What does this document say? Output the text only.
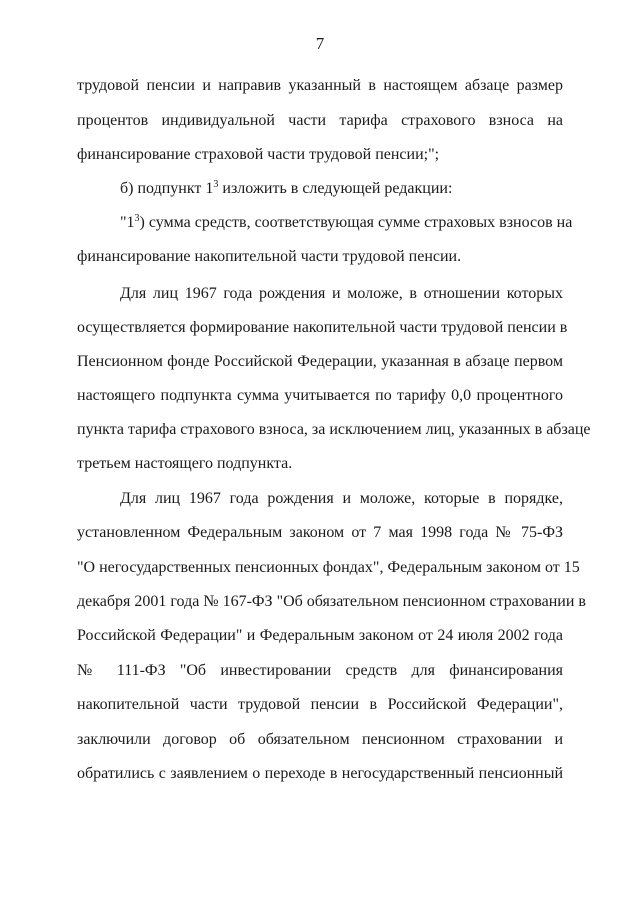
7
трудовой пенсии и направив указанный в настоящем абзаце размер
процентов индивидуальной части тарифа страхового взноса на
финансирование страховой части трудовой пенсии;";
б) подпункт $1^3$ изложить в следующей редакции:
"$1^3$) сумма средств, соответствующая сумме страховых взносов на
финансирование накопительной части трудовой пенсии.
Для лиц 1967 года рождения и моложе, в отношении которых
осуществляется формирование накопительной части трудовой пенсии в
Пенсионном фонде Российской Федерации, указанная в абзаце первом
настоящего подпункта сумма учитывается по тарифу 0,0 процентного
пункта тарифа страхового взноса, за исключением лиц, указанных в абзаце
третьем настоящего подпункта.
Для лиц 1967 года рождения и моложе, которые в порядке,
установленном Федеральным законом от 7 мая 1998 года № 75-ФЗ
"О негосударственных пенсионных фондах", Федеральным законом от 15
декабря 2001 года № 167-ФЗ "Об обязательном пенсионном страховании в
Российской Федерации" и Федеральным законом от 24 июля 2002 года
№ 111-ФЗ "Об инвестировании средств для финансирования
накопительной части трудовой пенсии в Российской Федерации",
заключили договор об обязательном пенсионном страховании и
обратились с заявлением о переходе в негосударственный пенсионный
